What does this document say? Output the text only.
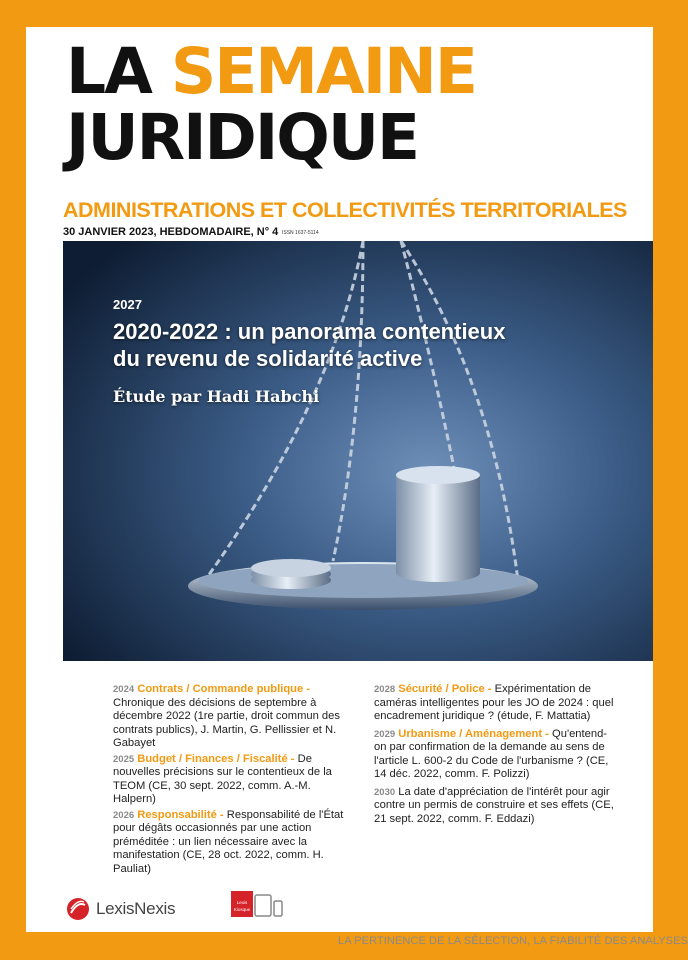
LA SEMAINE
JURIDIQUE
ADMINISTRATIONS ET COLLECTIVITÉS TERRITORIALES
30 JANVIER 2023, HEBDOMADAIRE, N° 4 ISSN 1637-5114
2027
2020-2022 : un panorama contentieux
du revenu de solidarité active
Étude par Hadi Habchi
2024 Contrats / Commande publique - Chronique des décisions de septembre à décembre 2022 (1re partie, droit commun des contrats publics), J. Martin, G. Pellissier et N. Gabayet
2025 Budget / Finances / Fiscalité - De nouvelles précisions sur le contentieux de la TEOM (CE, 30 sept. 2022, comm. A.-M. Halpern)
2026 Responsabilité - Responsabilité de l'État pour dégâts occasionnés par une action préméditée : un lien nécessaire avec la manifestation (CE, 28 oct. 2022, comm. H. Pauliat)
2028 Sécurité / Police - Expérimentation de caméras intelligentes pour les JO de 2024 : quel encadrement juridique ? (étude, F. Mattatia)
2029 Urbanisme / Aménagement - Qu'entend-on par confirmation de la demande au sens de l'article L. 600-2 du Code de l'urbanisme ? (CE, 14 déc. 2022, comm. F. Polizzi)
2030 La date d'appréciation de l'intérêt pour agir contre un permis de construire et ses effets (CE, 21 sept. 2022, comm. F. Eddazi)
LexisNexis	Lexis
Kiosque
LA PERTINENCE DE LA SÉLECTION, LA FIABILITÉ DES ANALYSES
